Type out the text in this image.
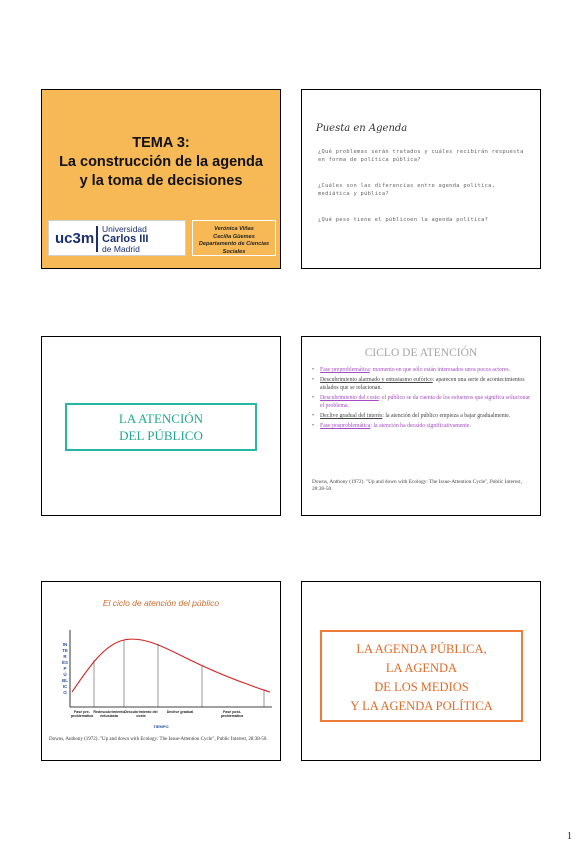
TEMA 3:
La construcción de la agenda
y la toma de decisiones
uc3m
Universidad
Carlos III
de Madrid
Verónica Viñas
Cecilia Güemes
Departamento de Ciencias Sociales
Puesta en Agenda
¿Qué problemas serán tratados y cuáles recibirán respuesta en forma de política pública?
¿Cuáles son las diferencias entre agenda política, mediática y pública?
¿Qué peso tiene el públicoen la agenda política?
LA ATENCIÓN
DEL PÚBLICO
CICLO DE ATENCIÓN
• Fase preproblemática: momento en que sólo están interesados unos pocos actores.
• Descubrimiento alarmado y entusiasmo eufórico: aparecen una serie de acontecimientos aislados que se relacionan.
• Descubrimiento del coste: el público se da cuenta de los esfuerzos que significa solucionar el problema.
• Declive gradual del interés: la atención del público empieza a bajar gradualmente.
• Fase posproblemática: la atención ha decaído significativamente.
Downs, Anthony (1972). "Up and down with Ecology: The Issue-Attention Cycle", Public Interest, 28:38-50.
El ciclo de atención del público
INTERÉS PÚBLICO
Fase pre-problemática
Redescubrimiento entusiasta
Descubrimiento del coste
Declive gradual	Fase post-problemática
TIEMPO
Downs, Anthony (1972). "Up and down with Ecology: The Issue-Attention Cycle", Public Interest, 28:38-50.
LA AGENDA PÚBLICA,
LA AGENDA
DE LOS MEDIOS
Y LA AGENDA POLÍTICA
1
